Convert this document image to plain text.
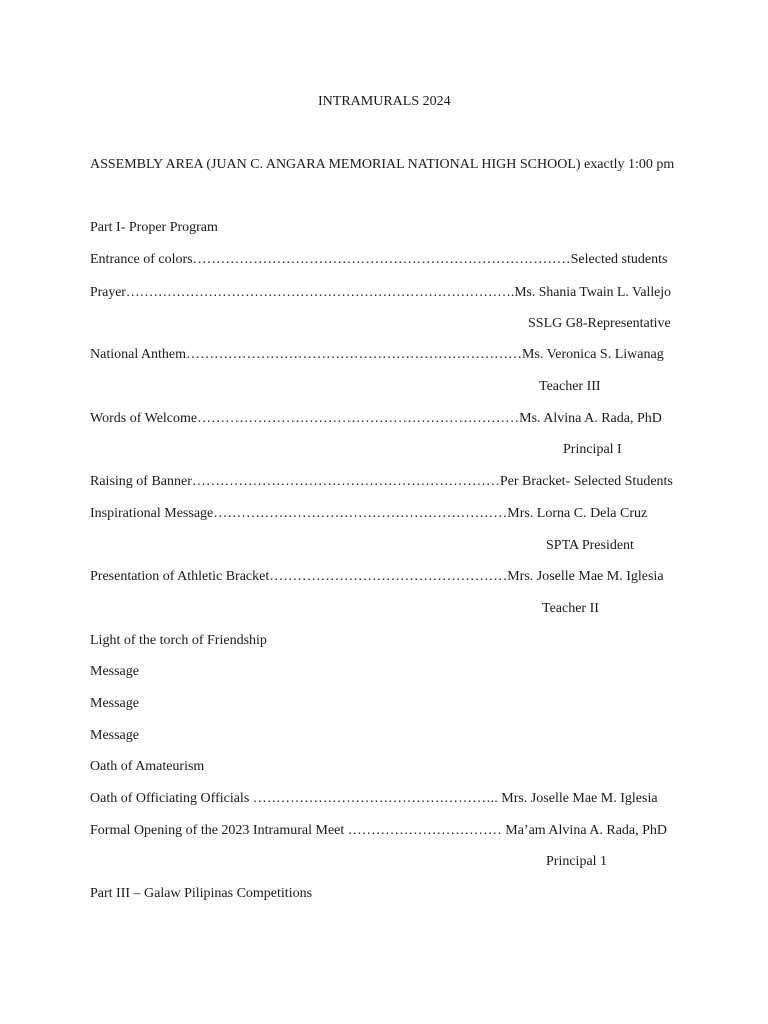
INTRAMURALS 2024
ASSEMBLY AREA (JUAN C. ANGARA MEMORIAL NATIONAL HIGH SCHOOL) exactly 1:00 pm
Part I- Proper Program
Entrance of colors………………………………………………………………………Selected students
Prayer………………………………………………………………………….Ms. Shania Twain L. Vallejo
SSLG G8-Representative
National Anthem………………………………………………………………Ms. Veronica S. Liwanag
Teacher III
Words of Welcome……………………………………………………………Ms. Alvina A. Rada, PhD
Principal I
Raising of Banner…………………………………………………………Per Bracket- Selected Students
Inspirational Message………………………………………………………Mrs. Lorna C. Dela Cruz
SPTA President
Presentation of Athletic Bracket……………………………………………Mrs. Joselle Mae M. Iglesia
Teacher II
Light of the torch of Friendship
Message
Message
Message
Oath of Amateurism
Oath of Officiating Officials …………………………………………….. Mrs. Joselle Mae M. Iglesia
Formal Opening of the 2023 Intramural Meet …………………………… Ma’am Alvina A. Rada, PhD
Principal 1
Part III – Galaw Pilipinas Competitions
